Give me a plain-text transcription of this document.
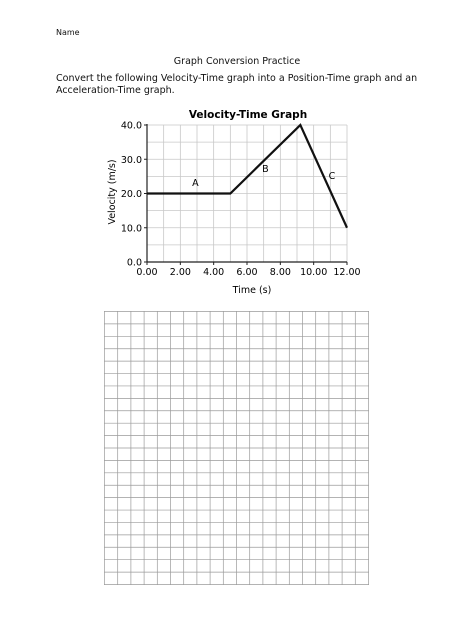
Name
Graph Conversion Practice
Convert the following Velocity-Time graph into a Position-Time graph and an Acceleration-Time graph.
Velocity-Time Graph
Time (s)
Velocity (m/s)
0.00 2.00 4.00 6.00 8.00 10.00 12.00
0.0
10.0
20.0
30.0
40.0
A
B
C
